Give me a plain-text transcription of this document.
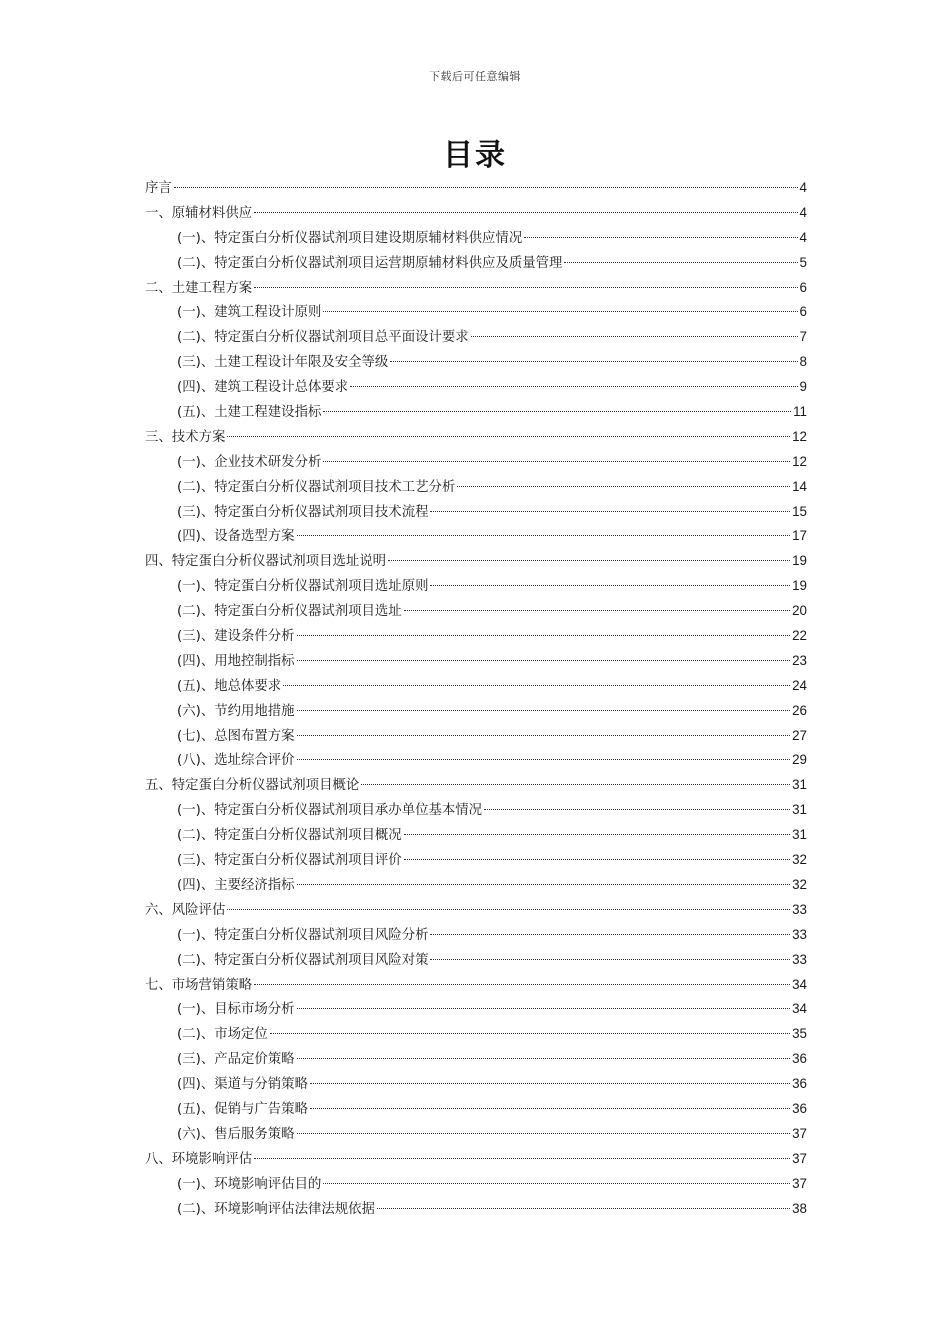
下载后可任意编辑
目录
序言	4
一、原辅材料供应	4
(一)、特定蛋白分析仪器试剂项目建设期原辅材料供应情况	4
(二)、特定蛋白分析仪器试剂项目运营期原辅材料供应及质量管理	5
二、土建工程方案	6
(一)、建筑工程设计原则	6
(二)、特定蛋白分析仪器试剂项目总平面设计要求	7
(三)、土建工程设计年限及安全等级	8
(四)、建筑工程设计总体要求	9
(五)、土建工程建设指标	11
三、技术方案	12
(一)、企业技术研发分析	12
(二)、特定蛋白分析仪器试剂项目技术工艺分析	14
(三)、特定蛋白分析仪器试剂项目技术流程	15
(四)、设备选型方案	17
四、特定蛋白分析仪器试剂项目选址说明	19
(一)、特定蛋白分析仪器试剂项目选址原则	19
(二)、特定蛋白分析仪器试剂项目选址	20
(三)、建设条件分析	22
(四)、用地控制指标	23
(五)、地总体要求	24
(六)、节约用地措施	26
(七)、总图布置方案	27
(八)、选址综合评价	29
五、特定蛋白分析仪器试剂项目概论	31
(一)、特定蛋白分析仪器试剂项目承办单位基本情况	31
(二)、特定蛋白分析仪器试剂项目概况	31
(三)、特定蛋白分析仪器试剂项目评价	32
(四)、主要经济指标	32
六、风险评估	33
(一)、特定蛋白分析仪器试剂项目风险分析	33
(二)、特定蛋白分析仪器试剂项目风险对策	33
七、市场营销策略	34
(一)、目标市场分析	34
(二)、市场定位	35
(三)、产品定价策略	36
(四)、渠道与分销策略	36
(五)、促销与广告策略	36
(六)、售后服务策略	37
八、环境影响评估	37
(一)、环境影响评估目的	37
(二)、环境影响评估法律法规依据	38
